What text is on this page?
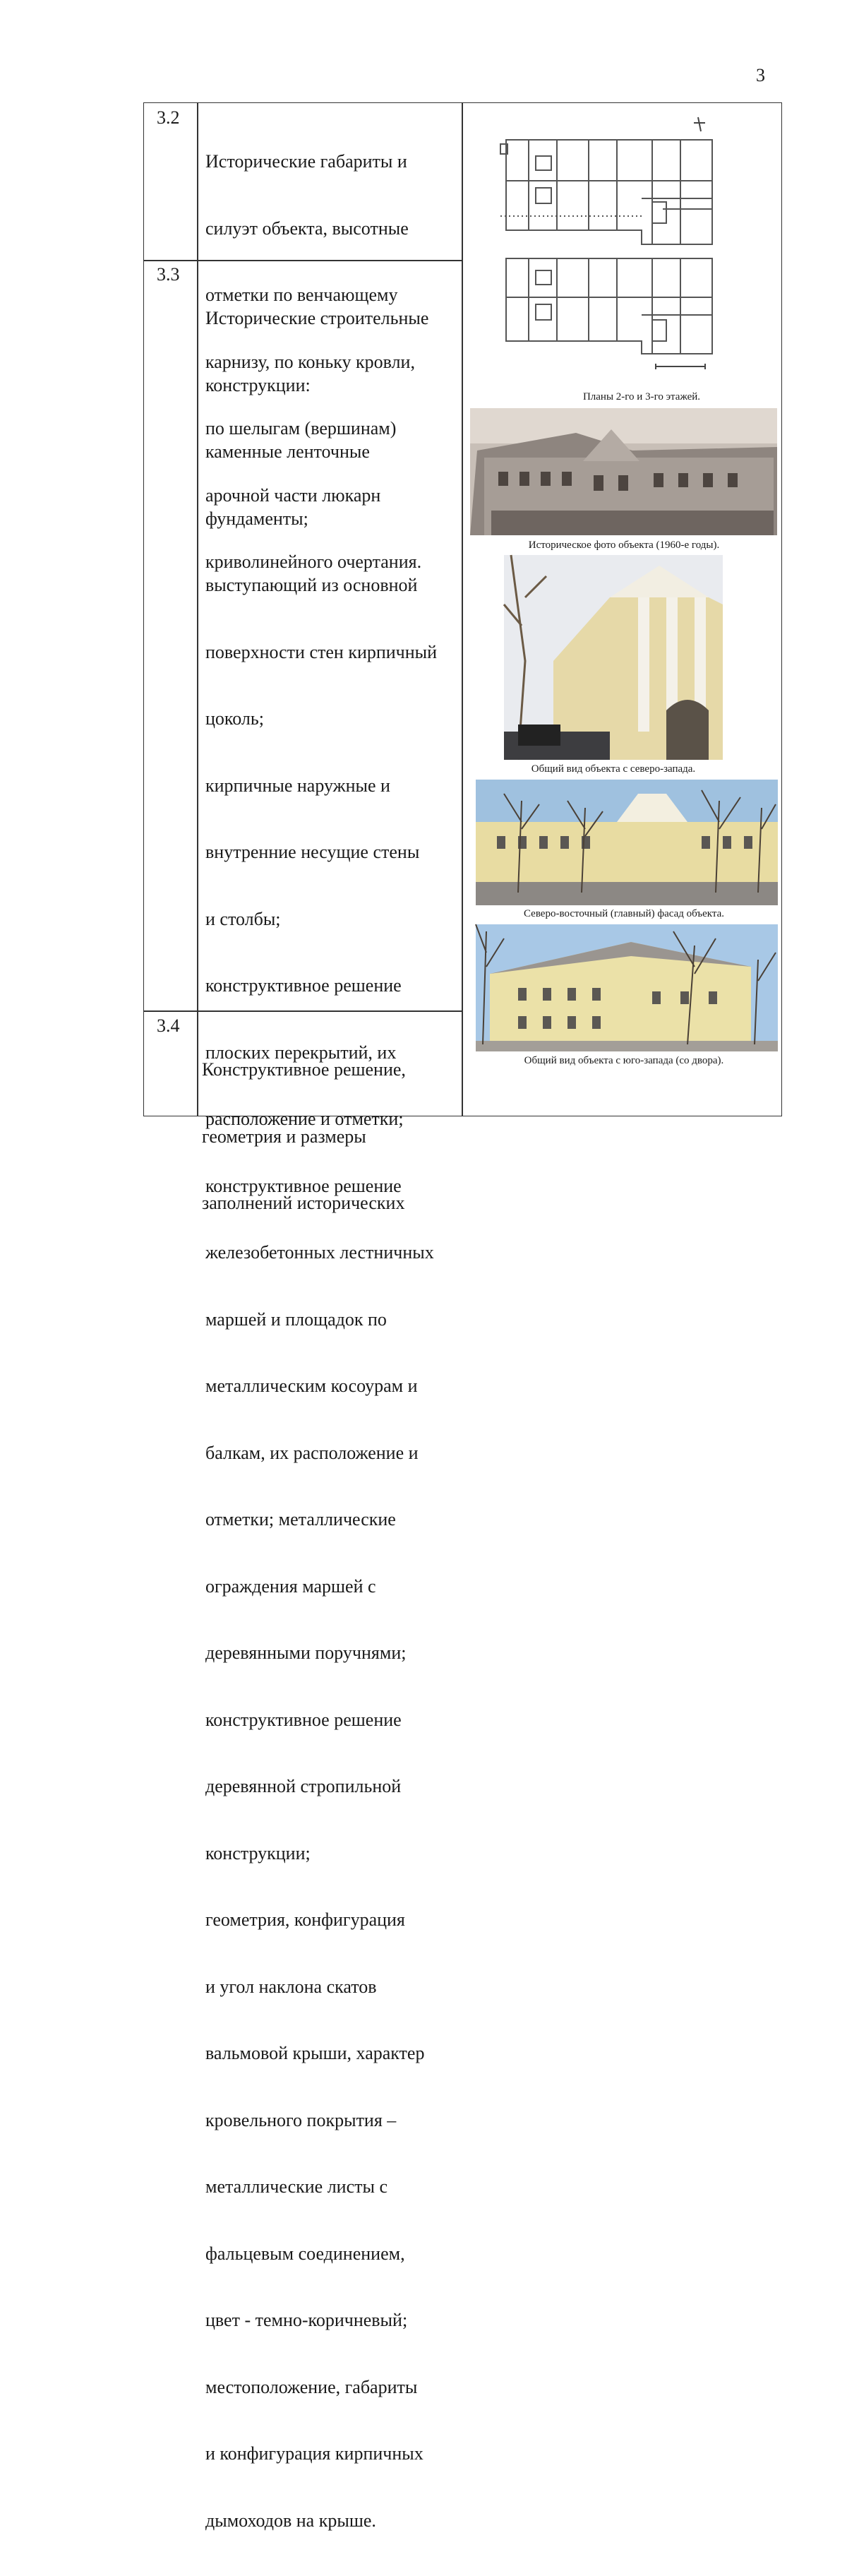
3
3.2

Исторические габариты и

силуэт объекта, высотные

отметки по венчающему

карнизу, по коньку кровли,

по шелыгам (вершинам)

арочной части люкарн

криволинейного очертания.

3.3

Исторические строительные

конструкции:

каменные ленточные

фундаменты;

выступающий из основной

поверхности стен кирпичный

цоколь;

кирпичные наружные и

внутренние несущие стены

и столбы;

конструктивное решение

плоских перекрытий, их

расположение и отметки;

конструктивное решение

железобетонных лестничных

маршей и площадок по

металлическим косоурам и

балкам, их расположение и

отметки; металлические

ограждения маршей с

деревянными поручнями;

конструктивное решение

деревянной стропильной

конструкции;

геометрия, конфигурация

и угол наклона скатов

вальмовой крыши, характер

кровельного покрытия –

металлические листы с

фальцевым соединением,

цвет - темно-коричневый;

местоположение, габариты

и конфигурация кирпичных

дымоходов на крыше.

3.4

Конструктивное решение,

геометрия и размеры

заполнений исторических

Планы 2-го и 3-го этажей.
Историческое фото объекта (1960-е годы).
Общий вид объекта с северо-запада.
Северо-восточный (главный) фасад объекта.
Общий вид объекта с юго-запада (со двора).
